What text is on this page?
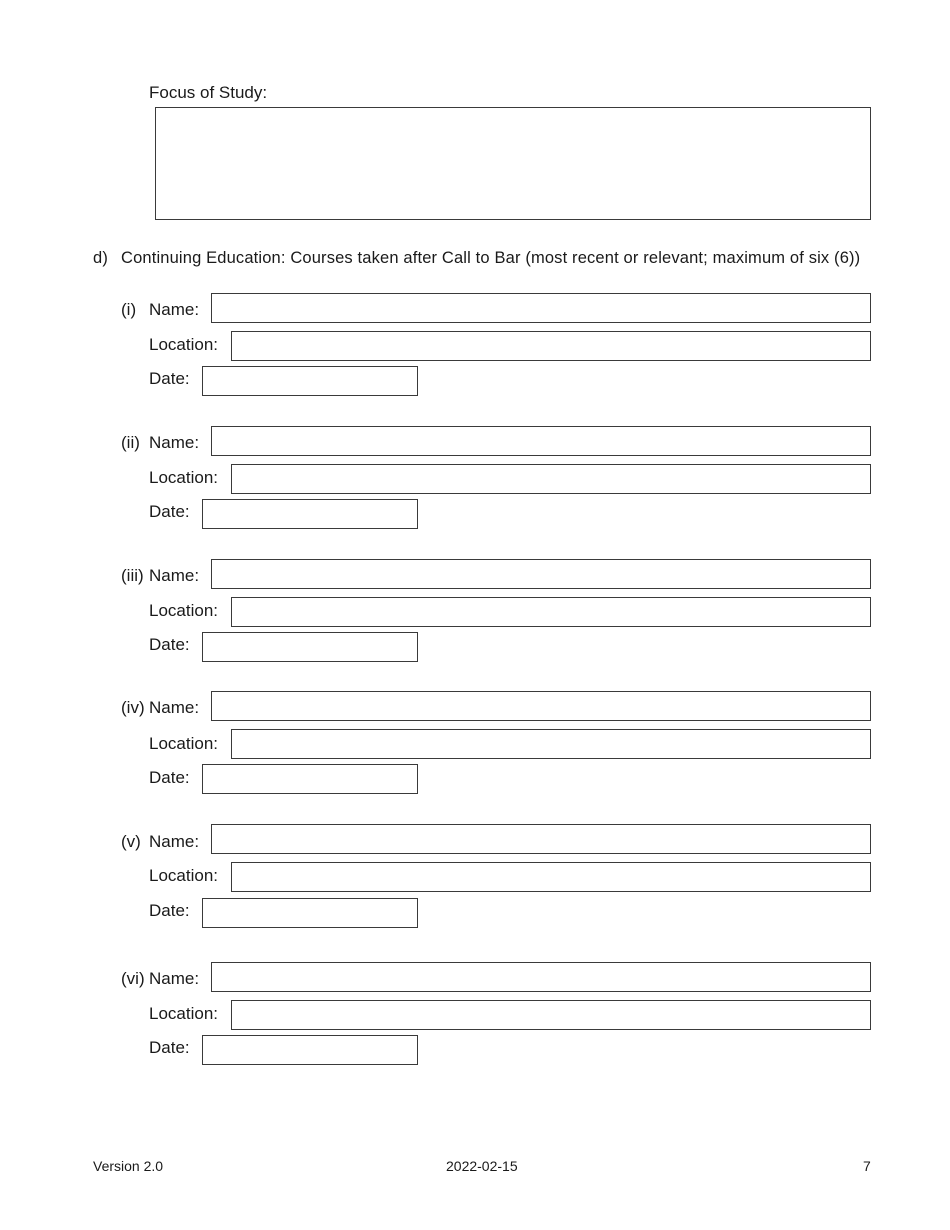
Focus of Study:
d) Continuing Education: Courses taken after Call to Bar (most recent or relevant; maximum of six (6))
(i) Name:
Location:
Date:
(ii) Name:
Location:
Date:
(iii) Name:
Location:
Date:
(iv) Name:
Location:
Date:
(v) Name:
Location:
Date:
(vi) Name:
Location:
Date:
Version 2.0	2022-02-15	7
